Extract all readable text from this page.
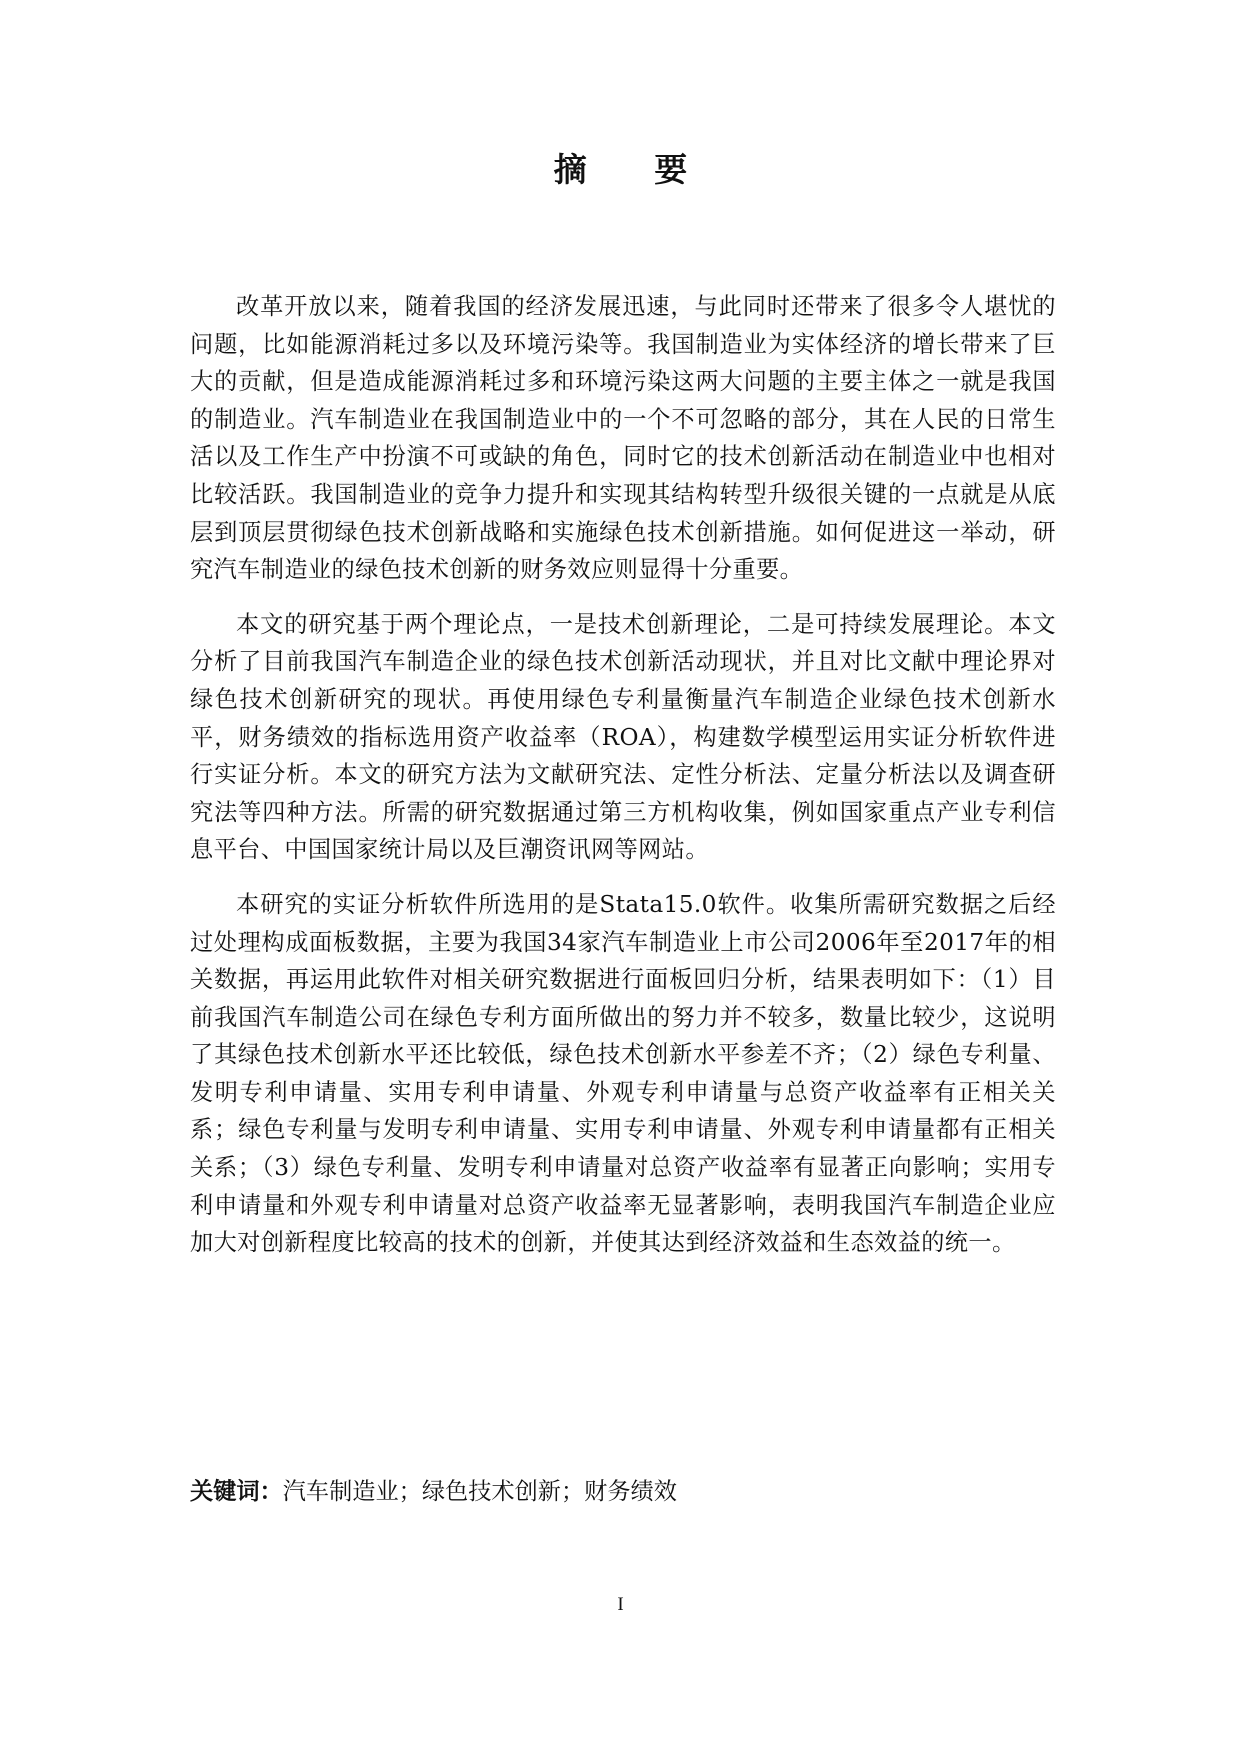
摘 要

改革开放以来，随着我国的经济发展迅速，与此同时还带来了很多令人堪忧的问题，比如能源消耗过多以及环境污染等。我国制造业为实体经济的增长带来了巨大的贡献，但是造成能源消耗过多和环境污染这两大问题的主要主体之一就是我国的制造业。汽车制造业在我国制造业中的一个不可忽略的部分，其在人民的日常生活以及工作生产中扮演不可或缺的角色，同时它的技术创新活动在制造业中也相对比较活跃。我国制造业的竞争力提升和实现其结构转型升级很关键的一点就是从底层到顶层贯彻绿色技术创新战略和实施绿色技术创新措施。如何促进这一举动，研究汽车制造业的绿色技术创新的财务效应则显得十分重要。

本文的研究基于两个理论点，一是技术创新理论，二是可持续发展理论。本文分析了目前我国汽车制造企业的绿色技术创新活动现状，并且对比文献中理论界对绿色技术创新研究的现状。再使用绿色专利量衡量汽车制造企业绿色技术创新水平，财务绩效的指标选用资产收益率（ROA），构建数学模型运用实证分析软件进行实证分析。本文的研究方法为文献研究法、定性分析法、定量分析法以及调查研究法等四种方法。所需的研究数据通过第三方机构收集，例如国家重点产业专利信息平台、中国国家统计局以及巨潮资讯网等网站。

本研究的实证分析软件所选用的是Stata15.0软件。收集所需研究数据之后经过处理构成面板数据，主要为我国34家汽车制造业上市公司2006年至2017年的相关数据，再运用此软件对相关研究数据进行面板回归分析，结果表明如下：（1）目前我国汽车制造公司在绿色专利方面所做出的努力并不较多，数量比较少，这说明了其绿色技术创新水平还比较低，绿色技术创新水平参差不齐；（2）绿色专利量、发明专利申请量、实用专利申请量、外观专利申请量与总资产收益率有正相关关系；绿色专利量与发明专利申请量、实用专利申请量、外观专利申请量都有正相关关系；（3）绿色专利量、发明专利申请量对总资产收益率有显著正向影响；实用专利申请量和外观专利申请量对总资产收益率无显著影响，表明我国汽车制造企业应加大对创新程度比较高的技术的创新，并使其达到经济效益和生态效益的统一。

关键词：汽车制造业；绿色技术创新；财务绩效
I
